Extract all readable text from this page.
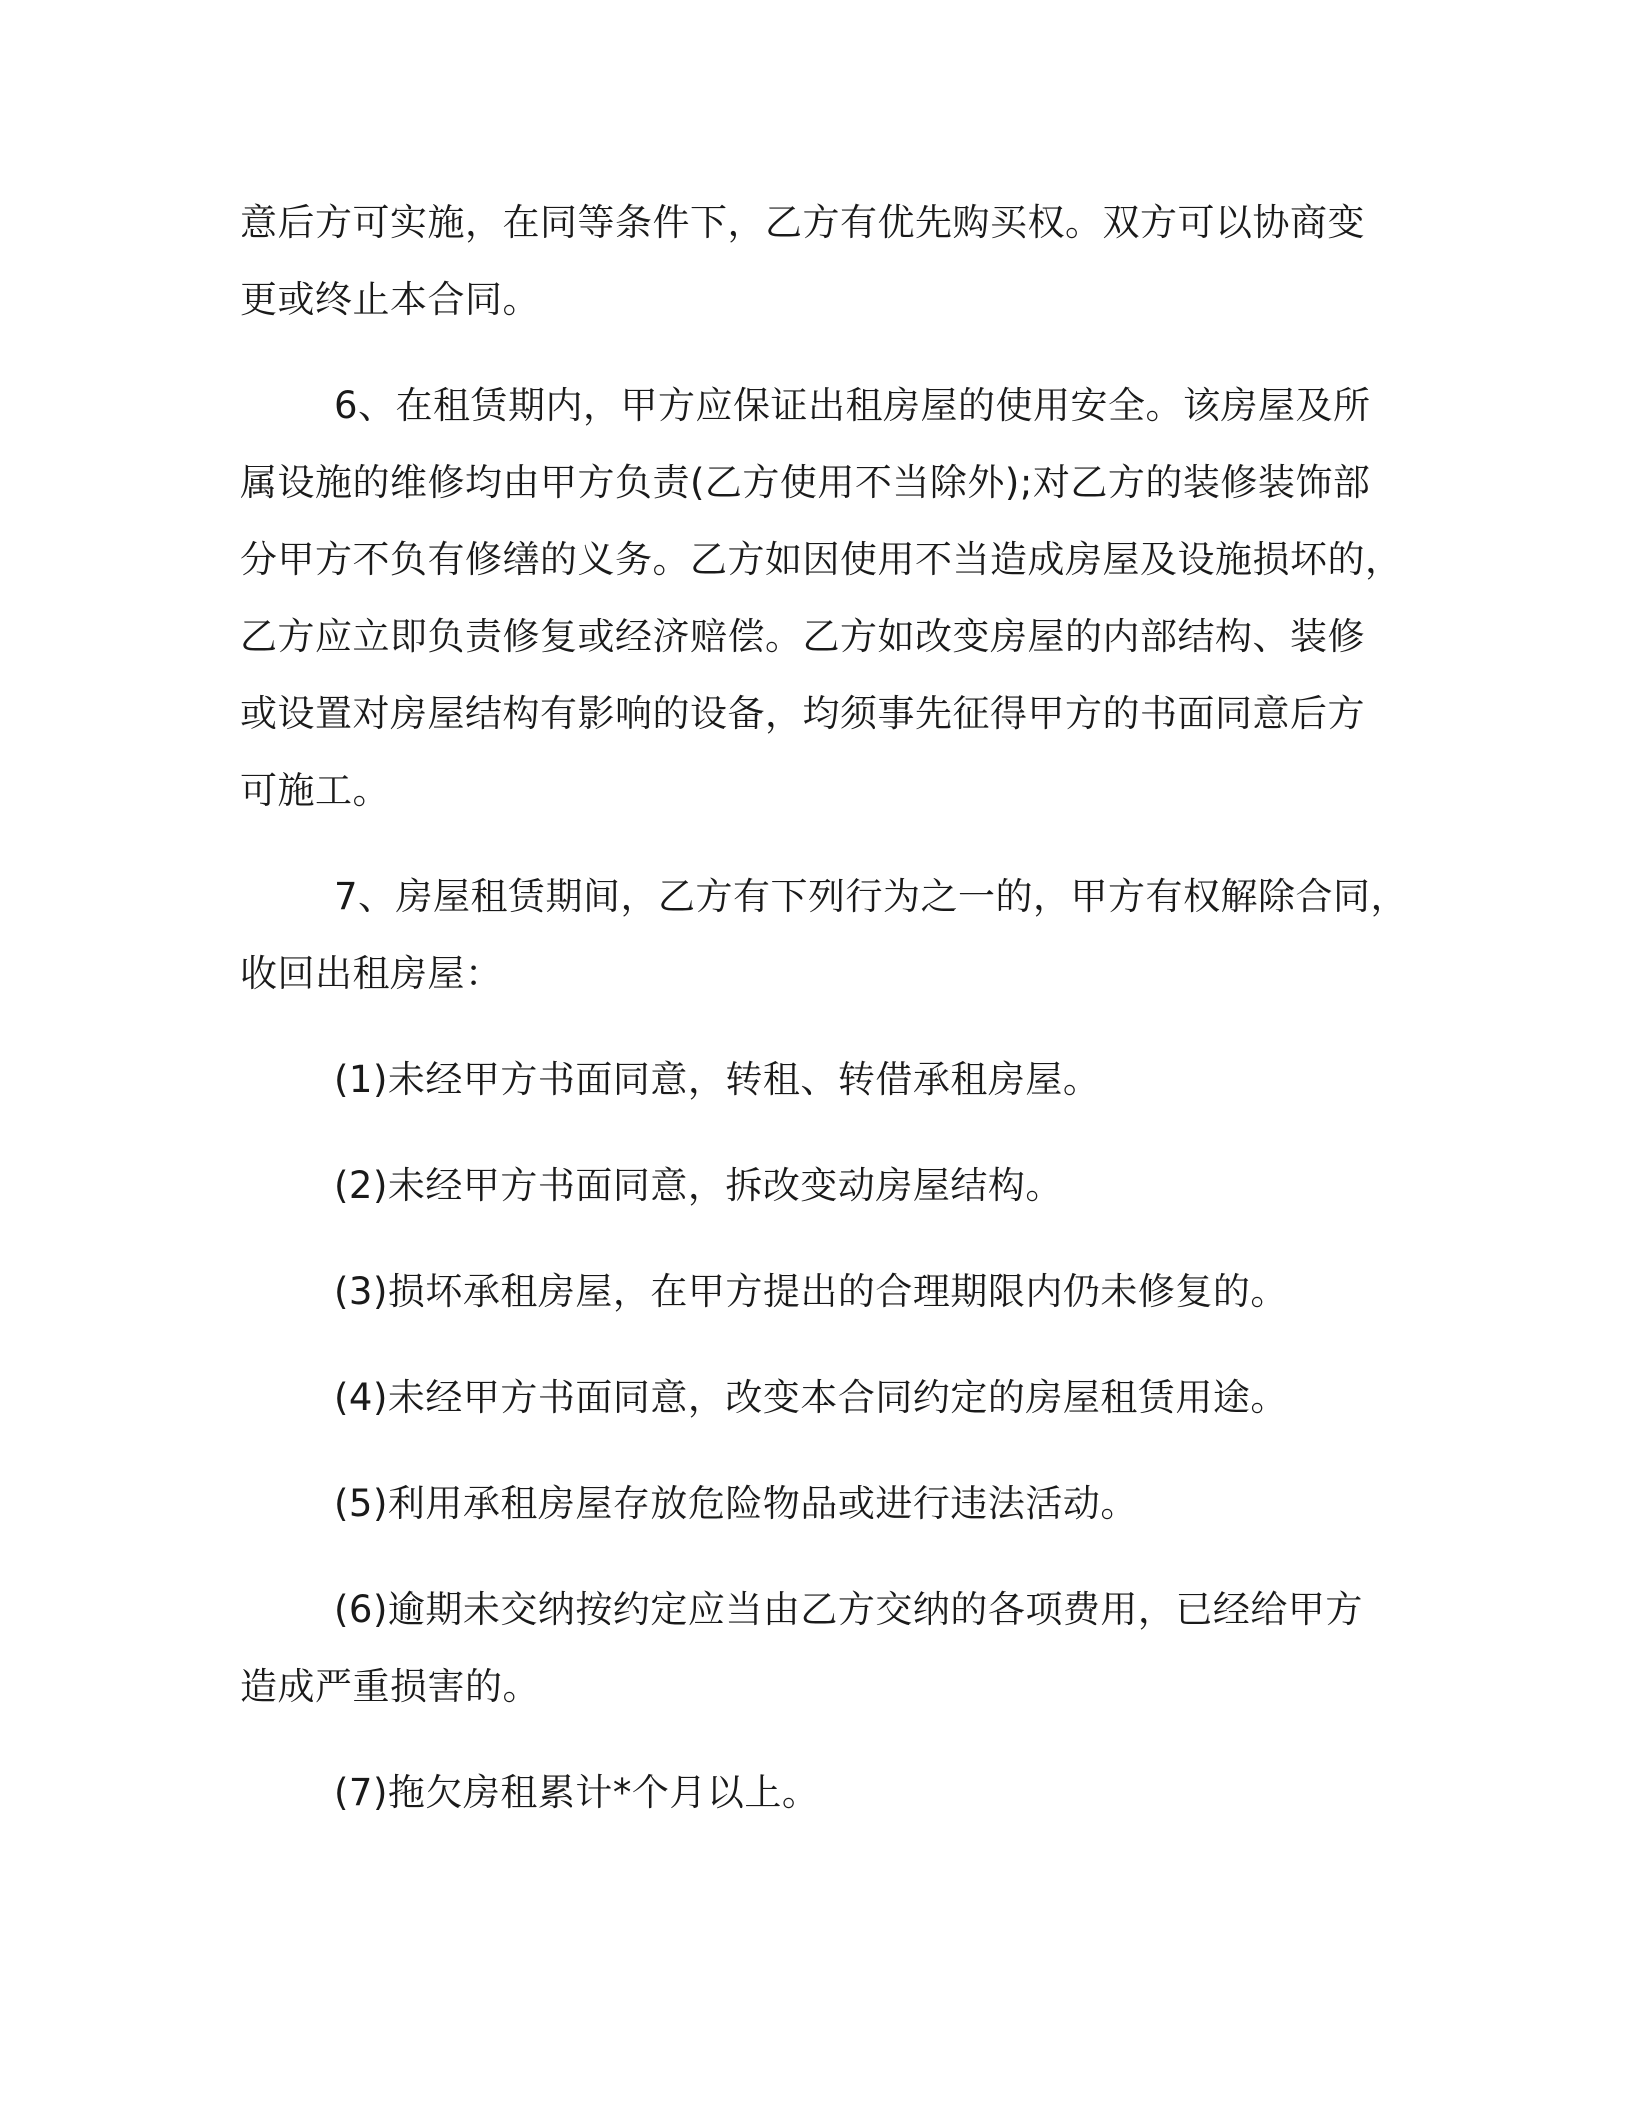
意后方可实施，在同等条件下，乙方有优先购买权。双方可以协商变
更或终止本合同。

6、在租赁期内，甲方应保证出租房屋的使用安全。该房屋及所
属设施的维修均由甲方负责(乙方使用不当除外);对乙方的装修装饰部
分甲方不负有修缮的义务。乙方如因使用不当造成房屋及设施损坏的，
乙方应立即负责修复或经济赔偿。乙方如改变房屋的内部结构、装修
或设置对房屋结构有影响的设备，均须事先征得甲方的书面同意后方
可施工。

7、房屋租赁期间，乙方有下列行为之一的，甲方有权解除合同，
收回出租房屋：

(1)未经甲方书面同意，转租、转借承租房屋。

(2)未经甲方书面同意，拆改变动房屋结构。

(3)损坏承租房屋，在甲方提出的合理期限内仍未修复的。

(4)未经甲方书面同意，改变本合同约定的房屋租赁用途。

(5)利用承租房屋存放危险物品或进行违法活动。

(6)逾期未交纳按约定应当由乙方交纳的各项费用，已经给甲方
造成严重损害的。

(7)拖欠房租累计*个月以上。
